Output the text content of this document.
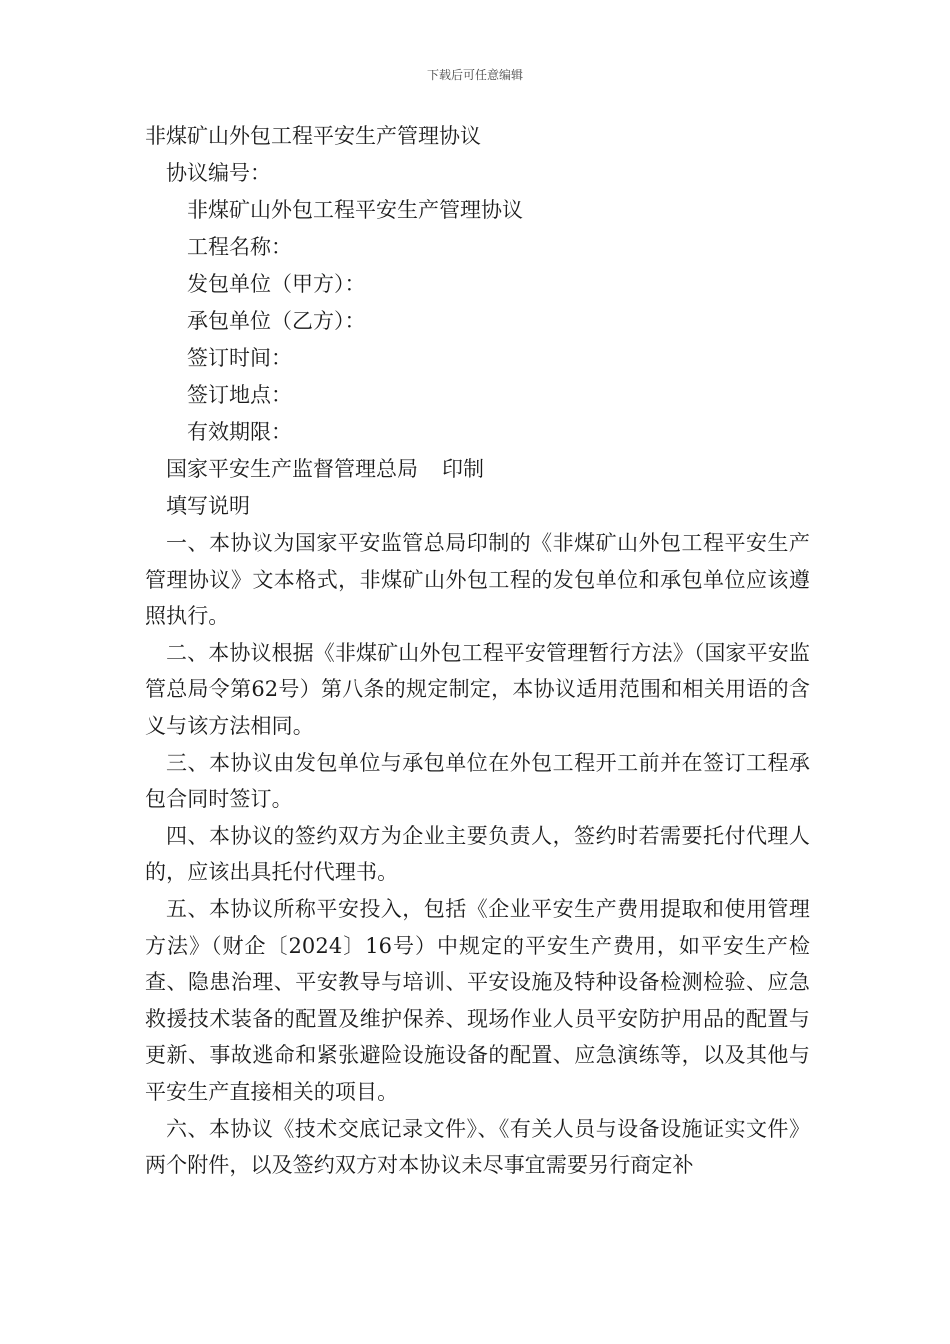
下载后可任意编辑

非煤矿山外包工程平安生产管理协议

协议编号：

非煤矿山外包工程平安生产管理协议

工程名称：

发包单位（甲方）：

承包单位（乙方）：

签订时间：

签订地点：

有效期限：

国家平安生产监督管理总局 印制

填写说明

一、本协议为国家平安监管总局印制的《非煤矿山外包工程平安生产管理协议》文本格式，非煤矿山外包工程的发包单位和承包单位应该遵照执行。

二、本协议根据《非煤矿山外包工程平安管理暂行方法》（国家平安监管总局令第62号）第八条的规定制定，本协议适用范围和相关用语的含义与该方法相同。

三、本协议由发包单位与承包单位在外包工程开工前并在签订工程承包合同时签订。

四、本协议的签约双方为企业主要负责人，签约时若需要托付代理人的，应该出具托付代理书。

五、本协议所称平安投入，包括《企业平安生产费用提取和使用管理方法》（财企〔2024〕16号）中规定的平安生产费用，如平安生产检查、隐患治理、平安教导与培训、平安设施及特种设备检测检验、应急救援技术装备的配置及维护保养、现场作业人员平安防护用品的配置与更新、事故逃命和紧张避险设施设备的配置、应急演练等，以及其他与平安生产直接相关的项目。

六、本协议《技术交底记录文件》、《有关人员与设备设施证实文件》两个附件，以及签约双方对本协议未尽事宜需要另行商定补
